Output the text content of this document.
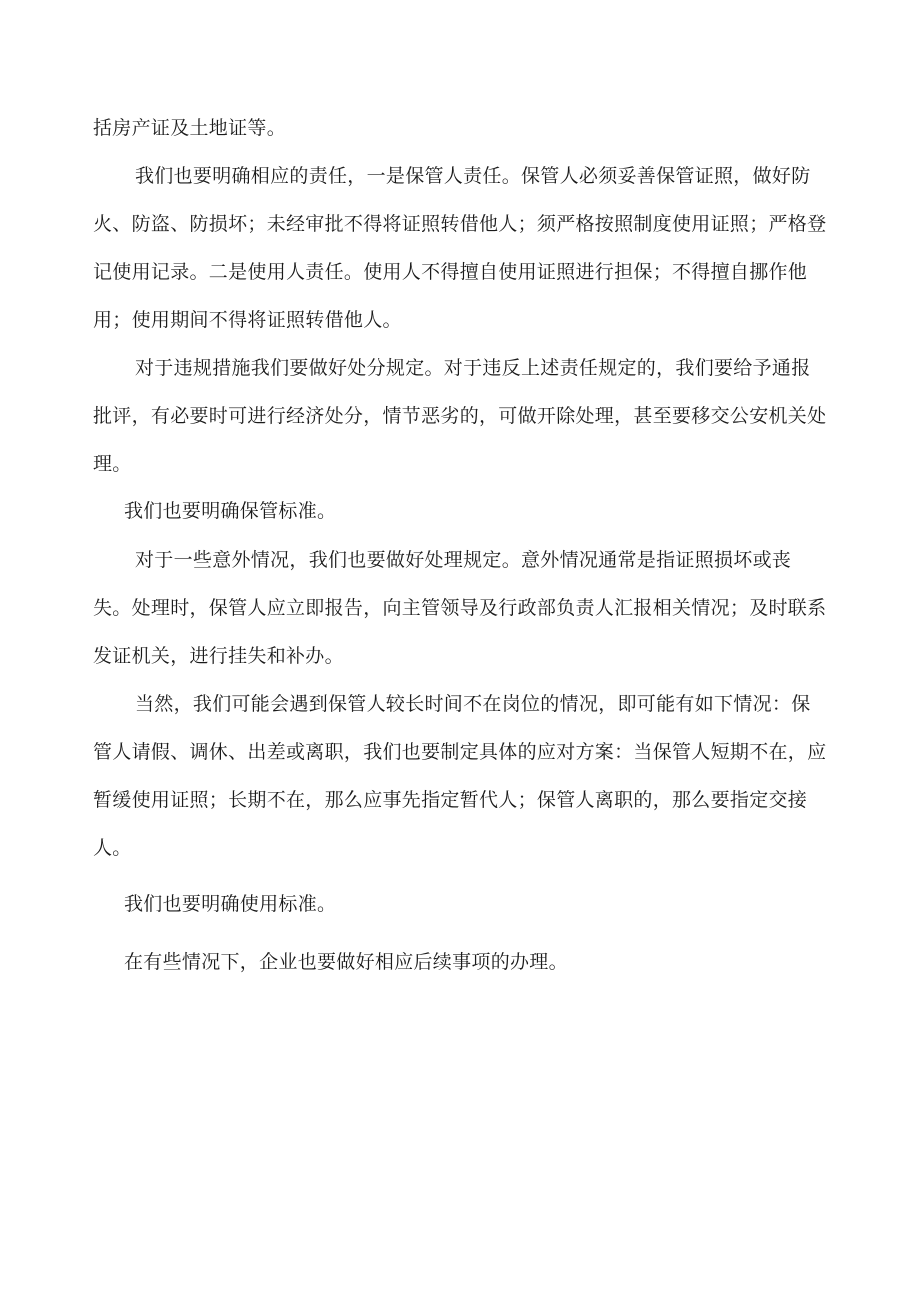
括房产证及土地证等。

我们也要明确相应的责任，一是保管人责任。保管人必须妥善保管证照，做好防火、防盗、防损坏；未经审批不得将证照转借他人；须严格按照制度使用证照；严格登记使用记录。二是使用人责任。使用人不得擅自使用证照进行担保；不得擅自挪作他用；使用期间不得将证照转借他人。

对于违规措施我们要做好处分规定。对于违反上述责任规定的，我们要给予通报批评，有必要时可进行经济处分，情节恶劣的，可做开除处理，甚至要移交公安机关处理。

我们也要明确保管标准。

对于一些意外情况，我们也要做好处理规定。意外情况通常是指证照损坏或丧失。处理时，保管人应立即报告，向主管领导及行政部负责人汇报相关情况；及时联系发证机关，进行挂失和补办。

当然，我们可能会遇到保管人较长时间不在岗位的情况，即可能有如下情况：保管人请假、调休、出差或离职，我们也要制定具体的应对方案：当保管人短期不在，应暂缓使用证照；长期不在，那么应事先指定暂代人；保管人离职的，那么要指定交接人。

我们也要明确使用标准。

在有些情况下，企业也要做好相应后续事项的办理。
